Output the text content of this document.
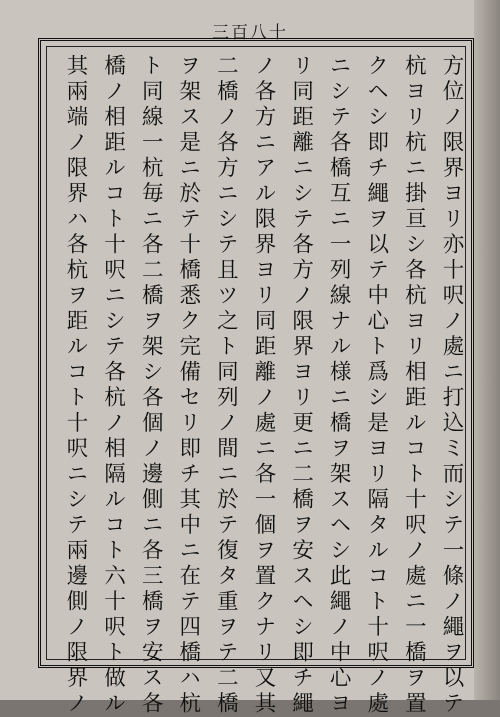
三百八十
方位ノ限界ヨリ亦十呎ノ處ニ打込ミ而シテ一條ノ繩ヲ以テ
杭ヨリ杭ニ掛亘シ各杭ヨリ相距ルコト十呎ノ處ニ一橋ヲ置
クヘシ即チ繩ヲ以テ中心ト爲シ是ヨリ隔タルコト十呎ノ處
ニシテ各橋互ニ一列線ナル様ニ橋ヲ架スヘシ此繩ノ中心ヨ
リ同距離ニシテ各方ノ限界ヨリ更ニ二橋ヲ安スヘシ即チ繩
ノ各方ニアル限界ヨリ同距離ノ處ニ各一個ヲ置クナリ又其
二橋ノ各方ニシテ且ツ之ト同列ノ間ニ於テ復タ重ヲテ二橋
ヲ架ス是ニ於テ十橋悉ク完備セリ即チ其中ニ在テ四橋ハ杭
ト同線一杭毎ニ各二橋ヲ架シ各個ノ邊側ニ各三橋ヲ安ス各
橋ノ相距ルコト十呎ニシテ各杭ノ相隔ルコト六十呎ト做ル
其兩端ノ限界ハ各杭ヲ距ルコト十呎ニシテ兩邊側ノ限界ノ
